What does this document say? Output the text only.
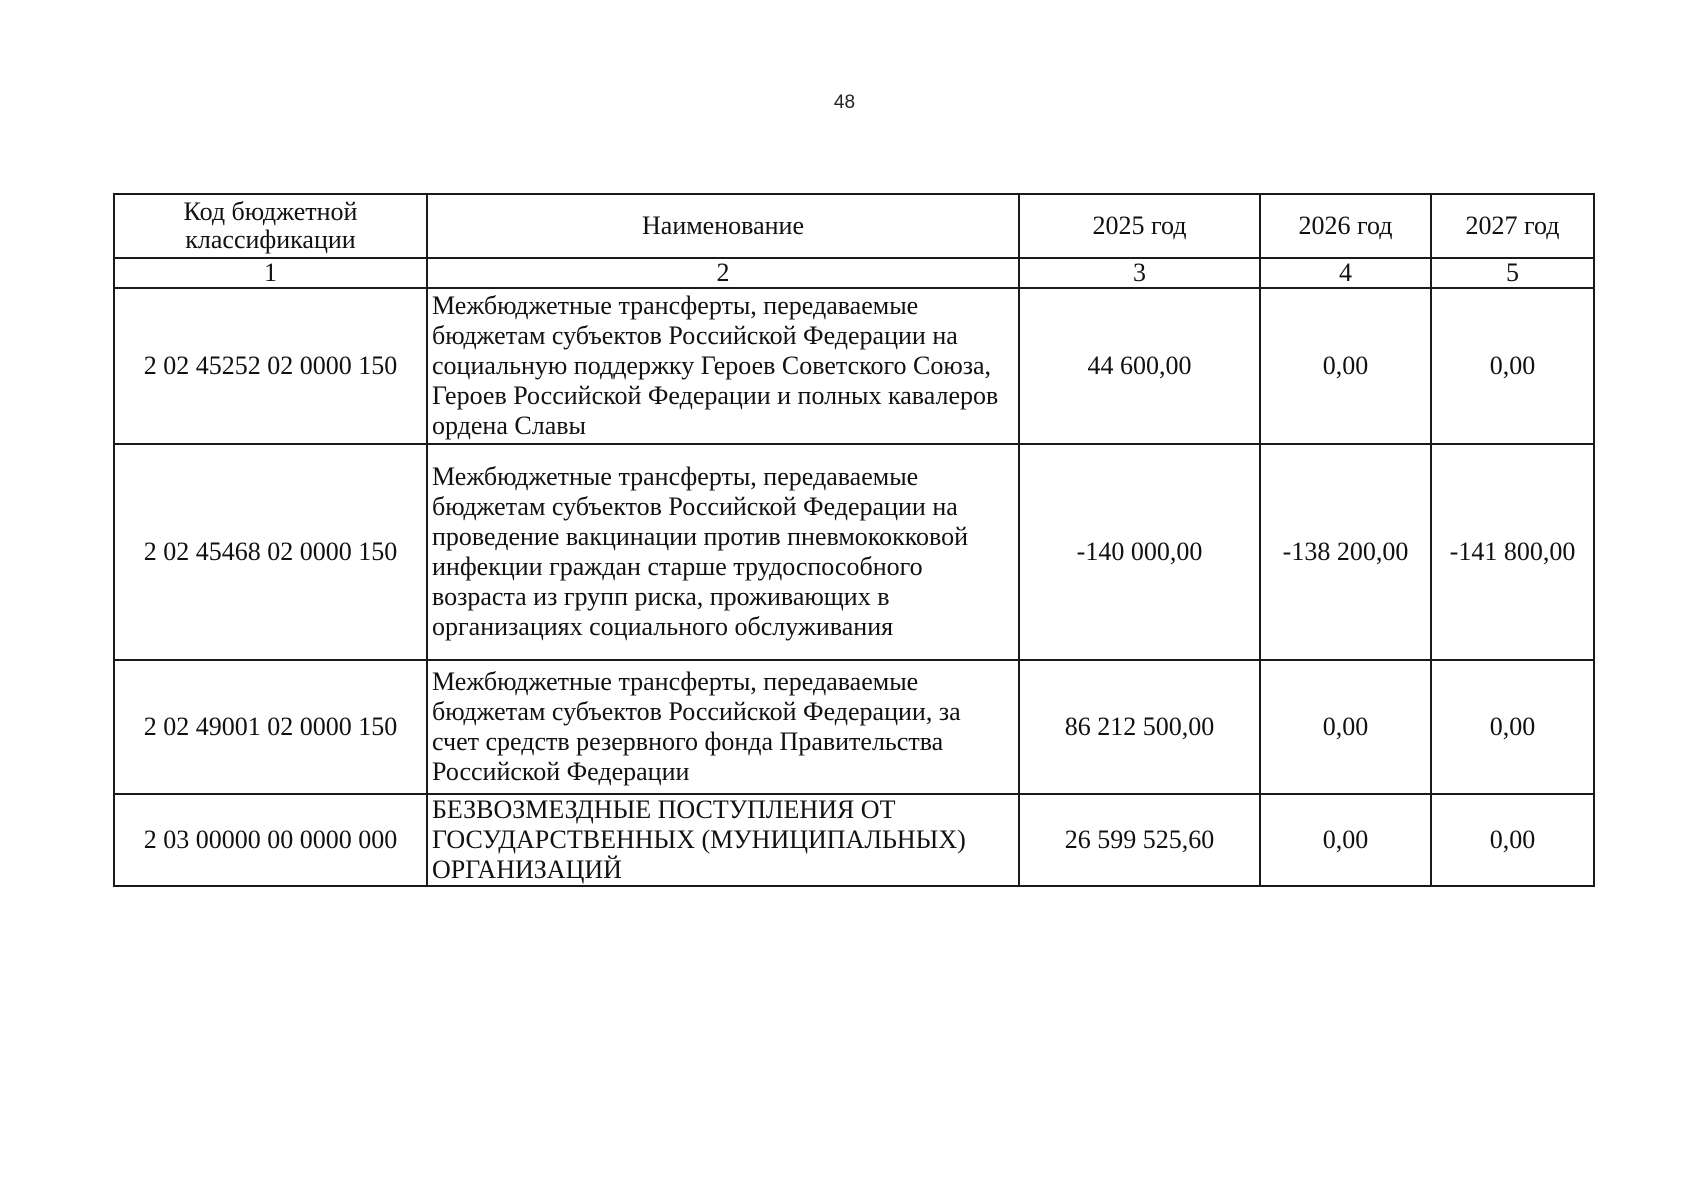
48
Код бюджетной классификации	Наименование	2025 год	2026 год	2027 год
1	2	3	4	5
2 02 45252 02 0000 150	Межбюджетные трансферты, передаваемые бюджетам субъектов Российской Федерации на социальную поддержку Героев Советского Союза, Героев Российской Федерации и полных кавалеров ордена Славы	44 600,00	0,00	0,00
2 02 45468 02 0000 150	Межбюджетные трансферты, передаваемые бюджетам субъектов Российской Федерации на проведение вакцинации против пневмококковой инфекции граждан старше трудоспособного возраста из групп риска, проживающих в организациях социального обслуживания	-140 000,00	-138 200,00	-141 800,00
2 02 49001 02 0000 150	Межбюджетные трансферты, передаваемые бюджетам субъектов Российской Федерации, за счет средств резервного фонда Правительства Российской Федерации	86 212 500,00	0,00	0,00
2 03 00000 00 0000 000	БЕЗВОЗМЕЗДНЫЕ ПОСТУПЛЕНИЯ ОТ ГОСУДАРСТВЕННЫХ (МУНИЦИПАЛЬНЫХ) ОРГАНИЗАЦИЙ	26 599 525,60	0,00	0,00
